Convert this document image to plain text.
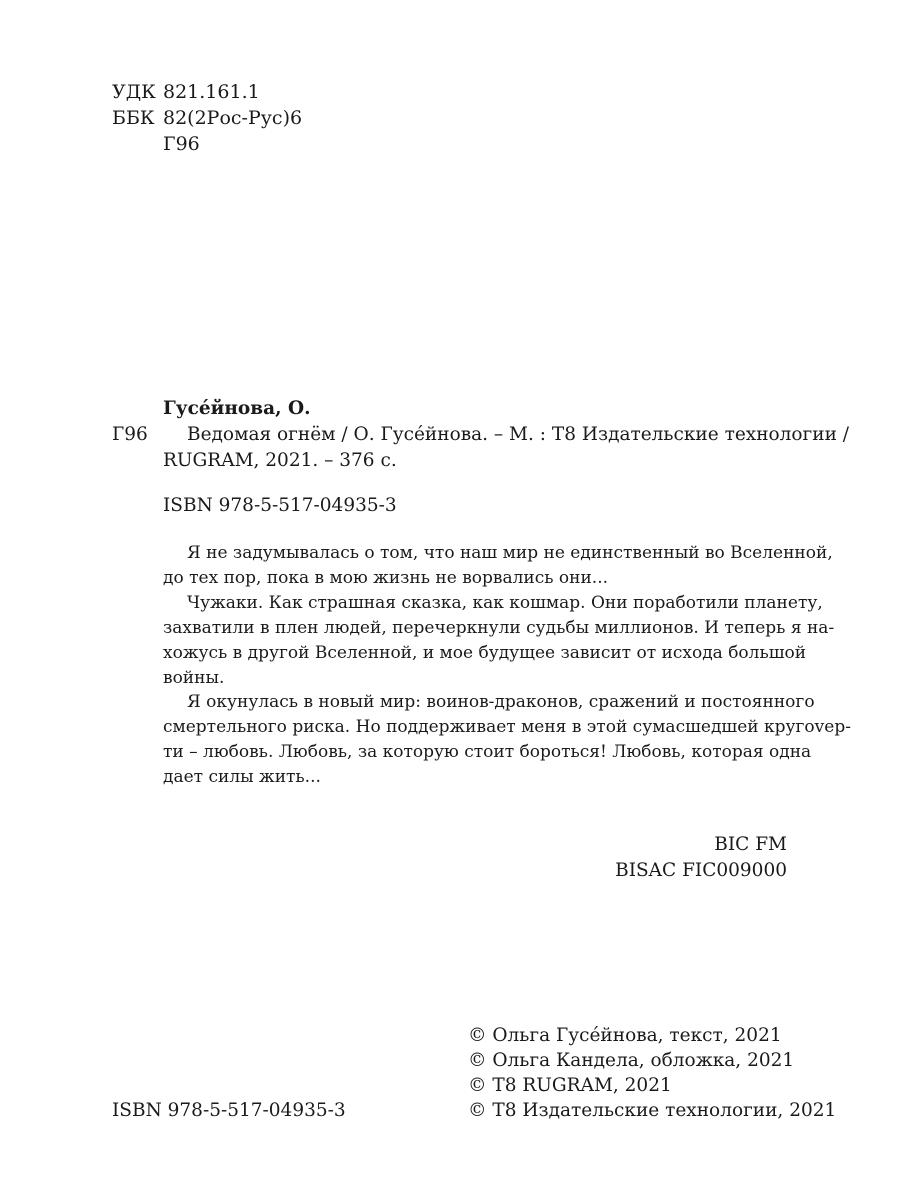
УДК 821.161.1
ББК 82(2Рос-Рус)6
Г96
Гусе́йнова, О.
Г96 Ведомая огнём / О. Гусе́йнова. – М. : Т8 Издательские технологии /
RUGRAM, 2021. – 376 с.
ISBN 978-5-517-04935-3
Я не задумывалась о том, что наш мир не единственный во Вселенной,
до тех пор, пока в мою жизнь не ворвались они...
Чужаки. Как страшная сказка, как кошмар. Они поработили планету,
захватили в плен людей, перечеркнули судьбы миллионов. И теперь я на-
хожусь в другой Вселенной, и мое будущее зависит от исхода большой
войны.
Я окунулась в новый мир: воинов-драконов, сражений и постоянного
смертельного риска. Но поддерживает меня в этой сумасшедшей кругovер-
ти – любовь. Любовь, за которую стоит бороться! Любовь, которая одна
дает силы жить...
BIC FM
BISAC FIC009000
ISBN 978-5-517-04935-3
© Ольга Гусе́йнова, текст, 2021
© Ольга Кандела, обложка, 2021
© Т8 RUGRAM, 2021
© Т8 Издательские технологии, 2021
